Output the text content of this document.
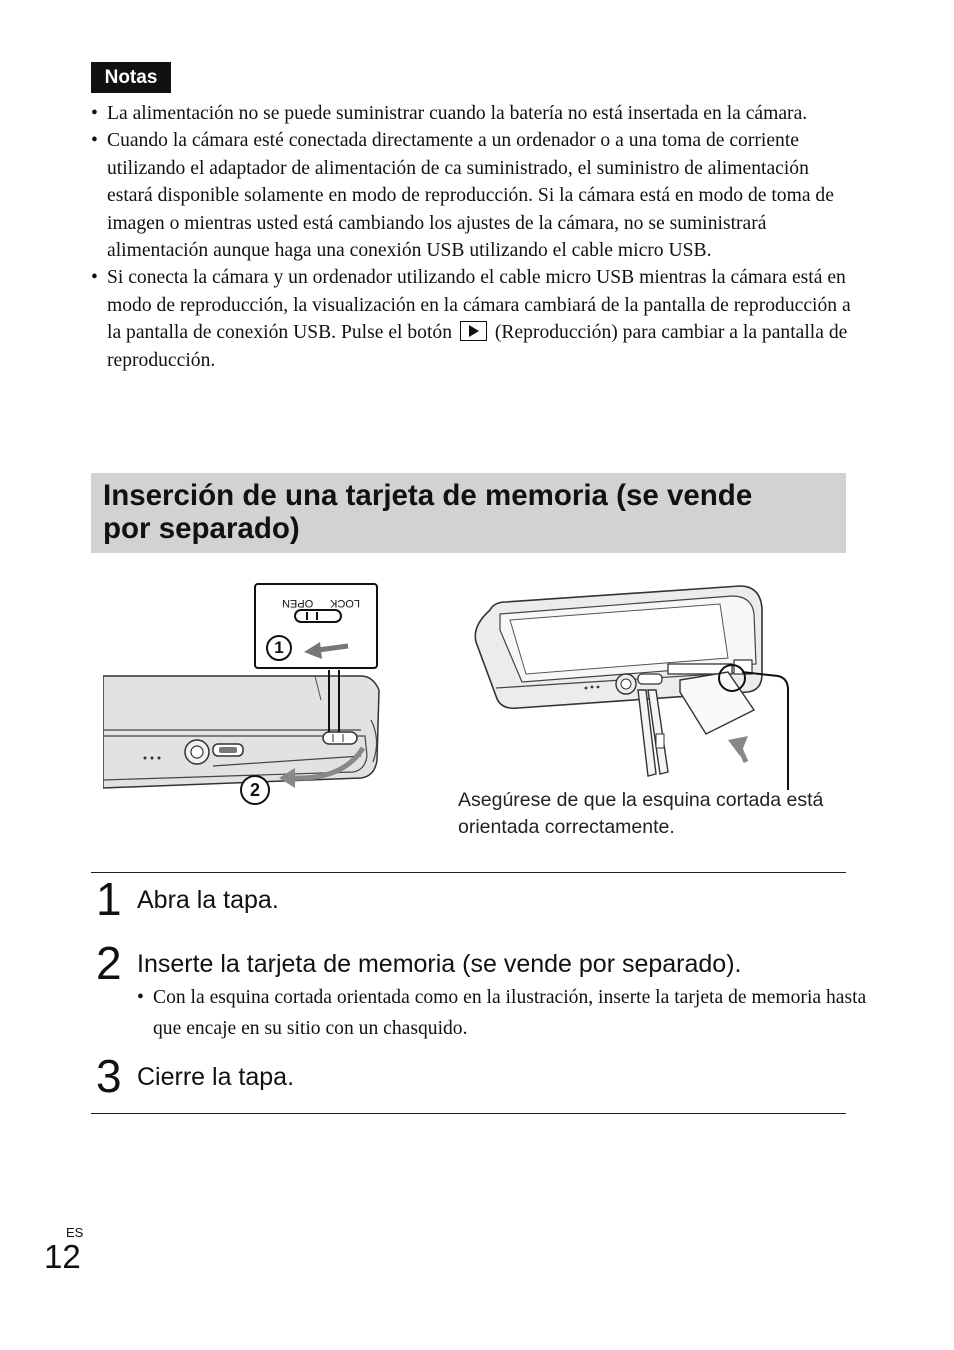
Notas
• La alimentación no se puede suministrar cuando la batería no está insertada en la cámara.
• Cuando la cámara esté conectada directamente a un ordenador o a una toma de corriente utilizando el adaptador de alimentación de ca suministrado, el suministro de alimentación estará disponible solamente en modo de reproducción. Si la cámara está en modo de toma de imagen o mientras usted está cambiando los ajustes de la cámara, no se suministrará alimentación aunque haga una conexión USB utilizando el cable micro USB.
• Si conecta la cámara y un ordenador utilizando el cable micro USB mientras la cámara está en modo de reproducción, la visualización en la cámara cambiará de la pantalla de reproducción a la pantalla de conexión USB. Pulse el botón (Reproducción) para cambiar a la pantalla de reproducción.
Inserción de una tarjeta de memoria (se vende
por separado)
LOCK
OPEN
1
2	Asegúrese de que la esquina cortada está orientada correctamente.
1 Abra la tapa.
2 Inserte la tarjeta de memoria (se vende por separado).
• Con la esquina cortada orientada como en la ilustración, inserte la tarjeta de memoria hasta que encaje en su sitio con un chasquido.
3 Cierre la tapa.
ES
12
